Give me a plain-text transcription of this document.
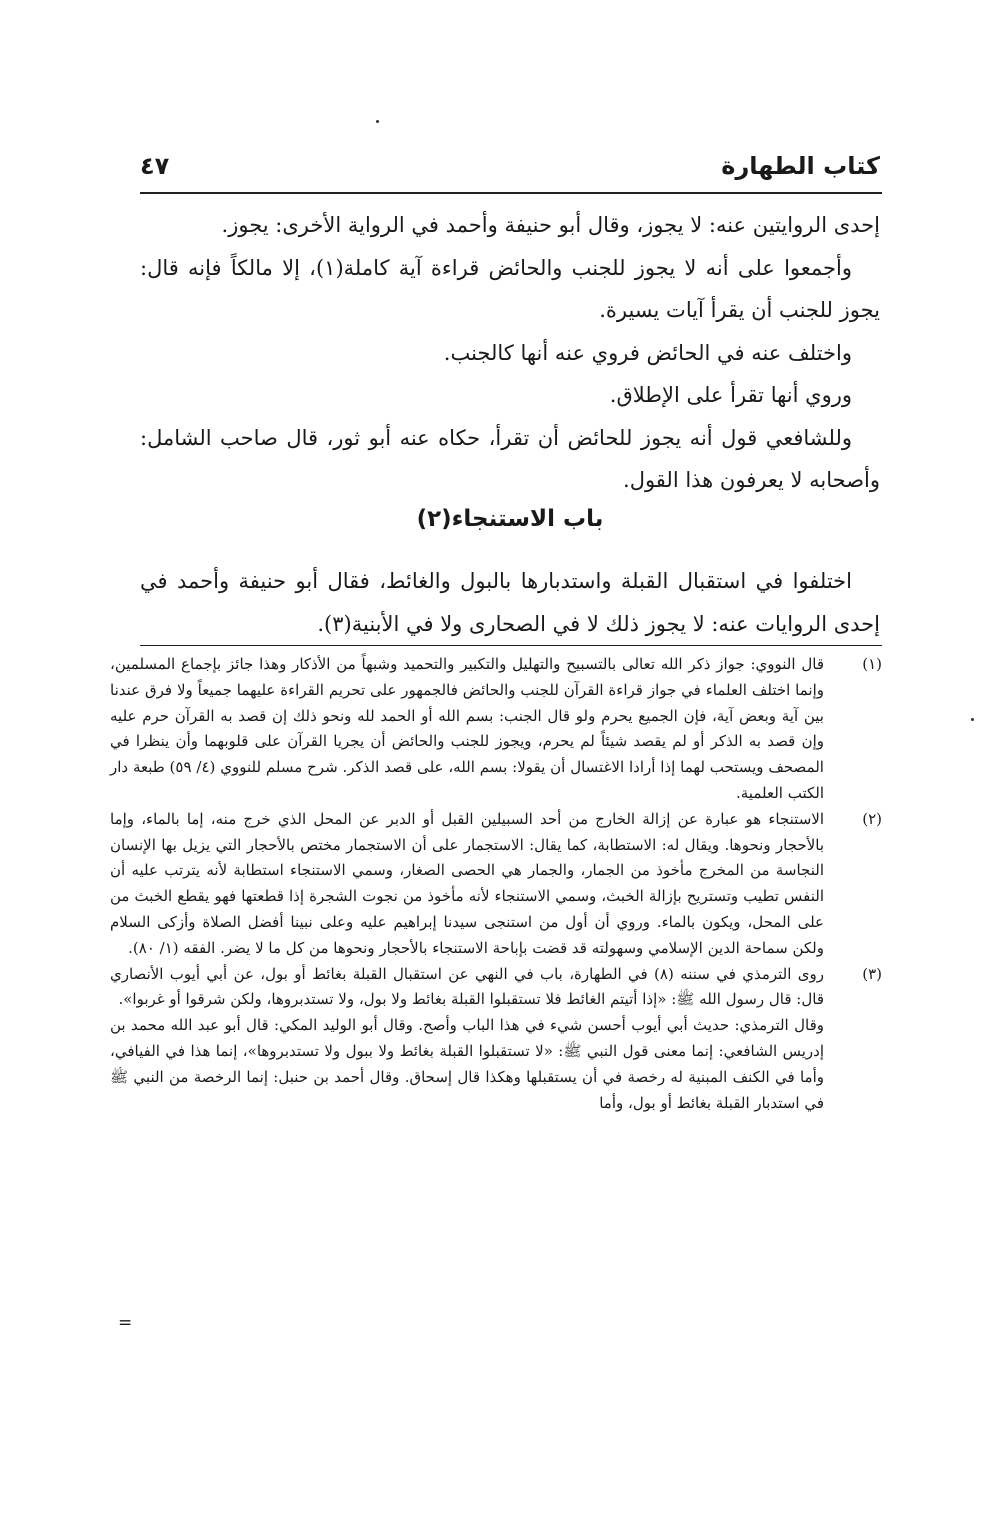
كتاب الطهارة
٤٧

إحدى الروايتين عنه: لا يجوز، وقال أبو حنيفة وأحمد في الرواية الأخرى: يجوز.

وأجمعوا على أنه لا يجوز للجنب والحائض قراءة آية كاملة(١)، إلا مالكاً فإنه قال: يجوز للجنب أن يقرأ آيات يسيرة.

واختلف عنه في الحائض فروي عنه أنها كالجنب.

وروي أنها تقرأ على الإطلاق.

وللشافعي قول أنه يجوز للحائض أن تقرأ، حكاه عنه أبو ثور، قال صاحب الشامل: وأصحابه لا يعرفون هذا القول.

باب الاستنجاء(٢)

اختلفوا في استقبال القبلة واستدبارها بالبول والغائط، فقال أبو حنيفة وأحمد في إحدى الروايات عنه: لا يجوز ذلك لا في الصحارى ولا في الأبنية(٣).

(١)
قال النووي: جواز ذكر الله تعالى بالتسبيح والتهليل والتكبير والتحميد وشبهاً من الأذكار وهذا جائز بإجماع المسلمين، وإنما اختلف العلماء في جواز قراءة القرآن للجنب والحائض فالجمهور على تحريم القراءة عليهما جميعاً ولا فرق عندنا بين آية وبعض آية، فإن الجميع يحرم ولو قال الجنب: بسم الله أو الحمد لله ونحو ذلك إن قصد به القرآن حرم عليه وإن قصد به الذكر أو لم يقصد شيئاً لم يحرم، ويجوز للجنب والحائض أن يجريا القرآن على قلوبهما وأن ينظرا في المصحف ويستحب لهما إذا أرادا الاغتسال أن يقولا: بسم الله، على قصد الذكر. شرح مسلم للنووي (٤/ ٥٩) طبعة دار الكتب العلمية.
(٢)
الاستنجاء هو عبارة عن إزالة الخارج من أحد السبيلين القبل أو الدبر عن المحل الذي خرج منه، إما بالماء، وإما بالأحجار ونحوها. ويقال له: الاستطابة، كما يقال: الاستجمار على أن الاستجمار مختص بالأحجار التي يزيل بها الإنسان النجاسة من المخرج مأخوذ من الجمار، والجمار هي الحصى الصغار، وسمي الاستنجاء استطابة لأنه يترتب عليه أن النفس تطيب وتستريح بإزالة الخبث، وسمي الاستنجاء لأنه مأخوذ من نجوت الشجرة إذا قطعتها فهو يقطع الخبث من على المحل، ويكون بالماء. وروي أن أول من استنجى سيدنا إبراهيم عليه وعلى نبينا أفضل الصلاة وأزكى السلام ولكن سماحة الدين الإسلامي وسهولته قد قضت بإباحة الاستنجاء بالأحجار ونحوها من كل ما لا يضر. الفقه (١/ ٨٠).
(٣)
روى الترمذي في سننه (٨) في الطهارة، باب في النهي عن استقبال القبلة بغائط أو بول، عن أبي أيوب الأنصاري قال: قال رسول الله ﷺ: «إذا أتيتم الغائط فلا تستقبلوا القبلة بغائط ولا بول، ولا تستدبروها، ولكن شرقوا أو غربوا».
وقال الترمذي: حديث أبي أيوب أحسن شيء في هذا الباب وأصح. وقال أبو الوليد المكي: قال أبو عبد الله محمد بن إدريس الشافعي: إنما معنى قول النبي ﷺ: «لا تستقبلوا القبلة بغائط ولا ببول ولا تستدبروها»، إنما هذا في الفيافي، وأما في الكنف المبنية له رخصة في أن يستقبلها وهكذا قال إسحاق. وقال أحمد بن حنبل: إنما الرخصة من النبي ﷺ في استدبار القبلة بغائط أو بول، وأما
=
